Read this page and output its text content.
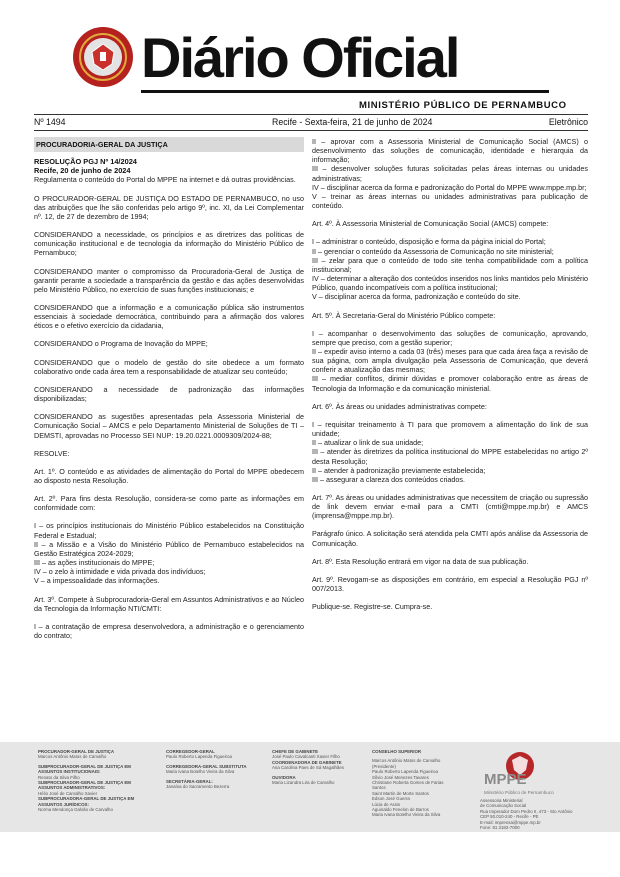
Diário Oficial
MINISTÉRIO PÚBLICO DE PERNAMBUCO
Nº 1494	Recife - Sexta-feira, 21 de junho de 2024	Eletrônico
PROCURADORIA-GERAL DA JUSTIÇA
RESOLUÇÃO PGJ Nº 14/2024
Recife, 20 de junho de 2024
Regulamenta o conteúdo do Portal do MPPE na internet e dá outras providências.
O PROCURADOR-GERAL DE JUSTIÇA DO ESTADO DE PERNAMBUCO, no uso das atribuições que lhe são conferidas pelo artigo 9º, inc. XI, da Lei Complementar nº. 12, de 27 de dezembro de 1994;
CONSIDERANDO a necessidade, os princípios e as diretrizes das políticas de comunicação institucional e de tecnologia da informação do Ministério Público de Pernambuco;
CONSIDERANDO manter o compromisso da Procuradoria-Geral de Justiça de garantir perante a sociedade a transparência da gestão e das ações desenvolvidas pelo Ministério Público, no exercício de suas funções institucionais; e
CONSIDERANDO que a informação e a comunicação pública são instrumentos essenciais à sociedade democrática, contribuindo para a afirmação dos valores éticos e o efetivo exercício da cidadania,
CONSIDERANDO o Programa de Inovação do MPPE;
CONSIDERANDO que o modelo de gestão do site obedece a um formato colaborativo onde cada área tem a responsabilidade de atualizar seu conteúdo;
CONSIDERANDO a necessidade de padronização das informações disponibilizadas;
CONSIDERANDO as sugestões apresentadas pela Assessoria Ministerial de Comunicação Social – AMCS e pelo Departamento Ministerial de Soluções de TI – DEMSTI, aprovadas no Processo SEI NUP: 19.20.0221.0009309/2024-88;
RESOLVE:
Art. 1º. O conteúdo e as atividades de alimentação do Portal do MPPE obedecem ao disposto nesta Resolução.
Art. 2º. Para fins desta Resolução, considera-se como parte as informações em conformidade com:
I – os princípios institucionais do Ministério Público estabelecidos na Constituição Federal e Estadual;
II – a Missão e a Visão do Ministério Público de Pernambuco estabelecidos na Gestão Estratégica 2024-2029;
III – as ações institucionais do MPPE;
IV – o zelo à intimidade e vida privada dos indivíduos;
V – a impessoalidade das informações.
Art. 3º. Compete à Subprocuradoria-Geral em Assuntos Administrativos e ao Núcleo da Tecnologia da Informação NTI/CMTI:
I – a contratação de empresa desenvolvedora, a administração e o gerenciamento do contrato;
II – aprovar com a Assessoria Ministerial de Comunicação Social (AMCS) o desenvolvimento das soluções de comunicação, identidade e hierarquia da informação;
III – desenvolver soluções futuras solicitadas pelas áreas internas ou unidades administrativas;
IV – disciplinar acerca da forma e padronização do Portal do MPPE www.mppe.mp.br;
V – treinar as áreas internas ou unidades administrativas para publicação de conteúdo.
Art. 4º. À Assessoria Ministerial de Comunicação Social (AMCS) compete:
I – administrar o conteúdo, disposição e forma da página inicial do Portal;
II – gerenciar o conteúdo da Assessoria de Comunicação no site ministerial;
III – zelar para que o conteúdo de todo site tenha compatibilidade com a política institucional;
IV – determinar a alteração dos conteúdos inseridos nos links mantidos pelo Ministério Público, quando incompatíveis com a política institucional;
V – disciplinar acerca da forma, padronização e conteúdo do site.
Art. 5º. À Secretaria-Geral do Ministério Público compete:
I – acompanhar o desenvolvimento das soluções de comunicação, aprovando, sempre que preciso, com a gestão superior;
II – expedir aviso interno a cada 03 (três) meses para que cada área faça a revisão de sua página, com ampla divulgação pela Assessoria de Comunicação, que deverá conferir a atualização das mesmas;
III – mediar conflitos, dirimir dúvidas e promover colaboração entre as áreas de Tecnologia da Informação e da comunicação ministerial.
Art. 6º. Às áreas ou unidades administrativas compete:
I – requisitar treinamento à TI para que promovem a alimentação do link de sua unidade;
II – atualizar o link de sua unidade;
III – atender às diretrizes da política institucional do MPPE estabelecidas no artigo 2º desta Resolução;
II – atender à padronização previamente estabelecida;
III – assegurar a clareza dos conteúdos criados.
Art. 7º. As áreas ou unidades administrativas que necessitem de criação ou supressão de link devem enviar e-mail para a CMTI (cmti@mppe.mp.br) e AMCS (imprensa@mppe.mp.br).
Parágrafo único. A solicitação será atendida pela CMTI após análise da Assessoria de Comunicação.
Art. 8º. Esta Resolução entrará em vigor na data de sua publicação.
Art. 9º. Revogam-se as disposições em contrário, em especial a Resolução PGJ nº 007/2013.
Publique-se. Registre-se. Cumpra-se.
PROCURADOR-GERAL DE JUSTIÇA
Marcos Antônio Matos de Carvalho
SUBPROCURADOR-GERAL DE JUSTIÇA EM ASSUNTOS INSTITUCIONAIS:
Renato da Silva Filho
SUBPROCURADOR-GERAL DE JUSTIÇA EM ASSUNTOS ADMINISTRATIVOS:
Hélio José de Carvalho Xavier
SUBPROCURADORA-GERAL DE JUSTIÇA EM ASSUNTOS JURÍDICOS:
Norma Mendonça Galvão de Carvalho
CORREGEDOR-GERAL
Paulo Roberto Lapenda Figueiroa
CORREGEDORA-GERAL SUBSTITUTA
Maria Ivana Botelho Vieira da Silva
SECRETÁRIA-GERAL:
Janaína do Sacramento Bezerra
CHEFE DE GABINETE
José Paulo Cavalcanti Xavier Filho
COORDENADORA DE GABINETE
Ana Carolina Paes de Sá Magalhães
OUVIDORA
Maria Lizandra Lira de Carvalho
CONSELHO SUPERIOR
Marcos Antônio Matos de Carvalho
(Presidente)
Paulo Roberto Lapenda Figueiroa
Sílvio José Menezes Tavares
Christiane Roberta Gomes de Farias
Santos
Saint Martin de Morte Santos
Edson José Guerra
Lúcia de Assis
Aguinaldo Fenelon de Barros
Maria Ivana Botelho Vieira da Silva
MPPE
Ministério Público de Pernambuco
Assessoria Ministerial
de Comunicação Social
Rua Imperador Dom Pedro II, 473 - Sto Antônio
CEP 50.010-240 - Recife - PE
E-mail: imprensa@mppe.mp.br
Fone: 81 3182-7000
